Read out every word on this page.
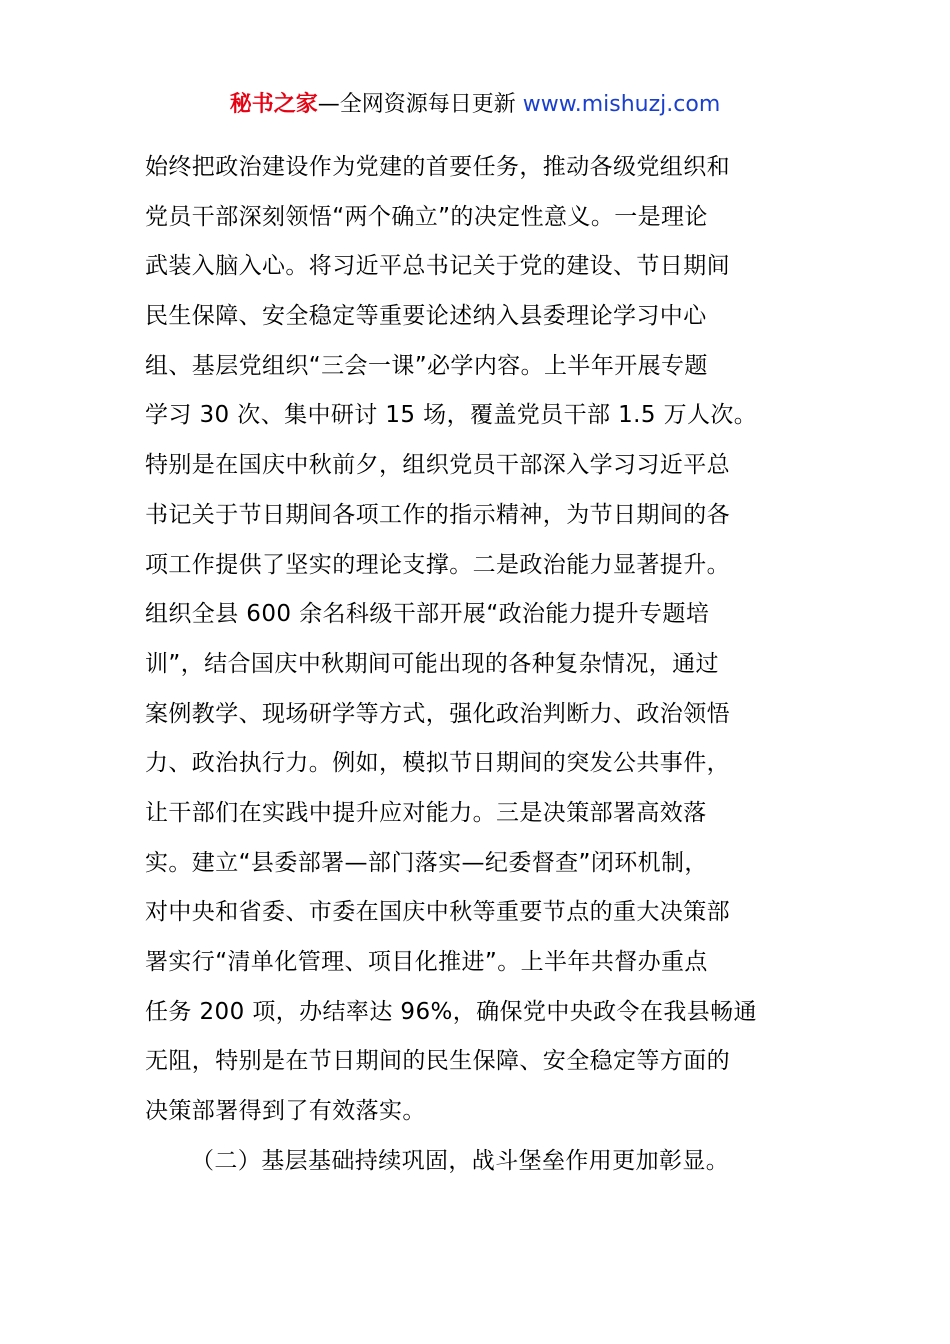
秘书之家—全网资源每日更新 www.mishuzj.com
始终把政治建设作为党建的首要任务，推动各级党组织和
党员干部深刻领悟“两个确立”的决定性意义。一是理论
武装入脑入心。将习近平总书记关于党的建设、节日期间
民生保障、安全稳定等重要论述纳入县委理论学习中心
组、基层党组织“三会一课”必学内容。上半年开展专题
学习 30 次、集中研讨 15 场，覆盖党员干部 1.5 万人次。
特别是在国庆中秋前夕，组织党员干部深入学习习近平总
书记关于节日期间各项工作的指示精神，为节日期间的各
项工作提供了坚实的理论支撑。二是政治能力显著提升。
组织全县 600 余名科级干部开展“政治能力提升专题培
训”，结合国庆中秋期间可能出现的各种复杂情况，通过
案例教学、现场研学等方式，强化政治判断力、政治领悟
力、政治执行力。例如，模拟节日期间的突发公共事件，
让干部们在实践中提升应对能力。三是决策部署高效落
实。建立“县委部署—部门落实—纪委督查”闭环机制，
对中央和省委、市委在国庆中秋等重要节点的重大决策部
署实行“清单化管理、项目化推进”。上半年共督办重点
任务 200 项，办结率达 96%，确保党中央政令在我县畅通
无阻，特别是在节日期间的民生保障、安全稳定等方面的
决策部署得到了有效落实。
（二）基层基础持续巩固，战斗堡垒作用更加彰显。
